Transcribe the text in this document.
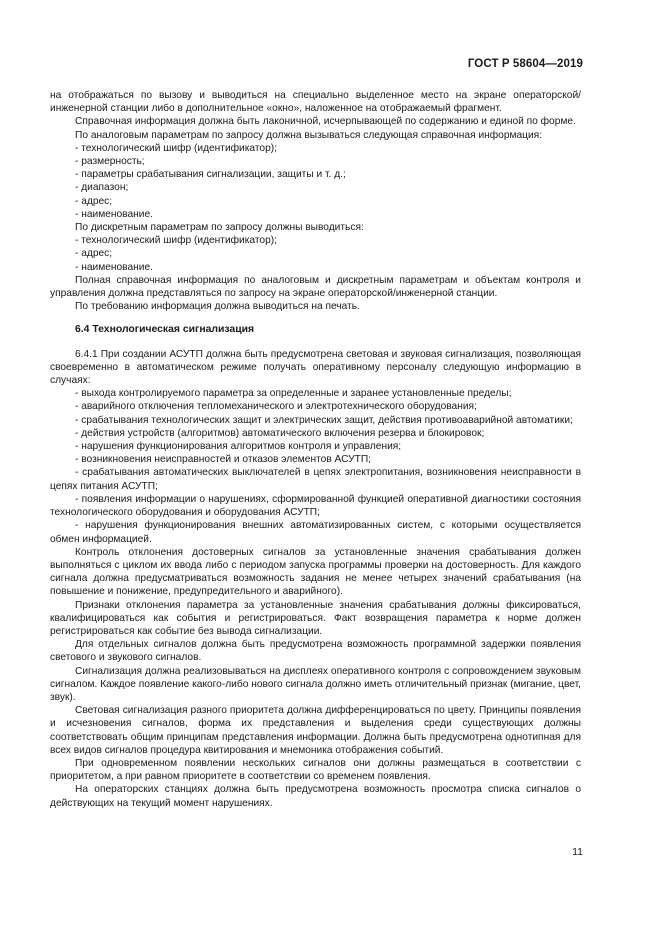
ГОСТ Р 58604—2019
на отображаться по вызову и выводиться на специально выделенное место на экране операторской/инженерной станции либо в дополнительное «окно», наложенное на отображаемый фрагмент.
Справочная информация должна быть лаконичной, исчерпывающей по содержанию и единой по форме.
По аналоговым параметрам по запросу должна вызываться следующая справочная информация:
- технологический шифр (идентификатор);
- размерность;
- параметры срабатывания сигнализации, защиты и т. д.;
- диапазон;
- адрес;
- наименование.
По дискретным параметрам по запросу должны выводиться:
- технологический шифр (идентификатор);
- адрес;
- наименование.
Полная справочная информация по аналоговым и дискретным параметрам и объектам контроля и управления должна представляться по запросу на экране операторской/инженерной станции.
По требованию информация должна выводиться на печать.
6.4 Технологическая сигнализация
6.4.1 При создании АСУТП должна быть предусмотрена световая и звуковая сигнализация, позволяющая своевременно в автоматическом режиме получать оперативному персоналу следующую информацию в случаях:
- выхода контролируемого параметра за определенные и заранее установленные пределы;
- аварийного отключения тепломеханического и электротехнического оборудования;
- срабатывания технологических защит и электрических защит, действия противоаварийной автоматики;
- действия устройств (алгоритмов) автоматического включения резерва и блокировок;
- нарушения функционирования алгоритмов контроля и управления;
- возникновения неисправностей и отказов элементов АСУТП;
- срабатывания автоматических выключателей в цепях электропитания, возникновения неисправности в цепях питания АСУТП;
- появления информации о нарушениях, сформированной функцией оперативной диагностики состояния технологического оборудования и оборудования АСУТП;
- нарушения функционирования внешних автоматизированных систем, с которыми осуществляется обмен информацией.
Контроль отклонения достоверных сигналов за установленные значения срабатывания должен выполняться с циклом их ввода либо с периодом запуска программы проверки на достоверность. Для каждого сигнала должна предусматриваться возможность задания не менее четырех значений срабатывания (на повышение и понижение, предупредительного и аварийного).
Признаки отклонения параметра за установленные значения срабатывания должны фиксироваться, квалифицироваться как события и регистрироваться. Факт возвращения параметра к норме должен регистрироваться как событие без вывода сигнализации.
Для отдельных сигналов должна быть предусмотрена возможность программной задержки появления светового и звукового сигналов.
Сигнализация должна реализовываться на дисплеях оперативного контроля с сопровождением звуковым сигналом. Каждое появление какого-либо нового сигнала должно иметь отличительный признак (мигание, цвет, звук).
Световая сигнализация разного приоритета должна дифференцироваться по цвету. Принципы появления и исчезновения сигналов, форма их представления и выделения среди существующих должны соответствовать общим принципам представления информации. Должна быть предусмотрена однотипная для всех видов сигналов процедура квитирования и мнемоника отображения событий.
При одновременном появлении нескольких сигналов они должны размещаться в соответствии с приоритетом, а при равном приоритете в соответствии со временем появления.
На операторских станциях должна быть предусмотрена возможность просмотра списка сигналов о действующих на текущий момент нарушениях.
11
